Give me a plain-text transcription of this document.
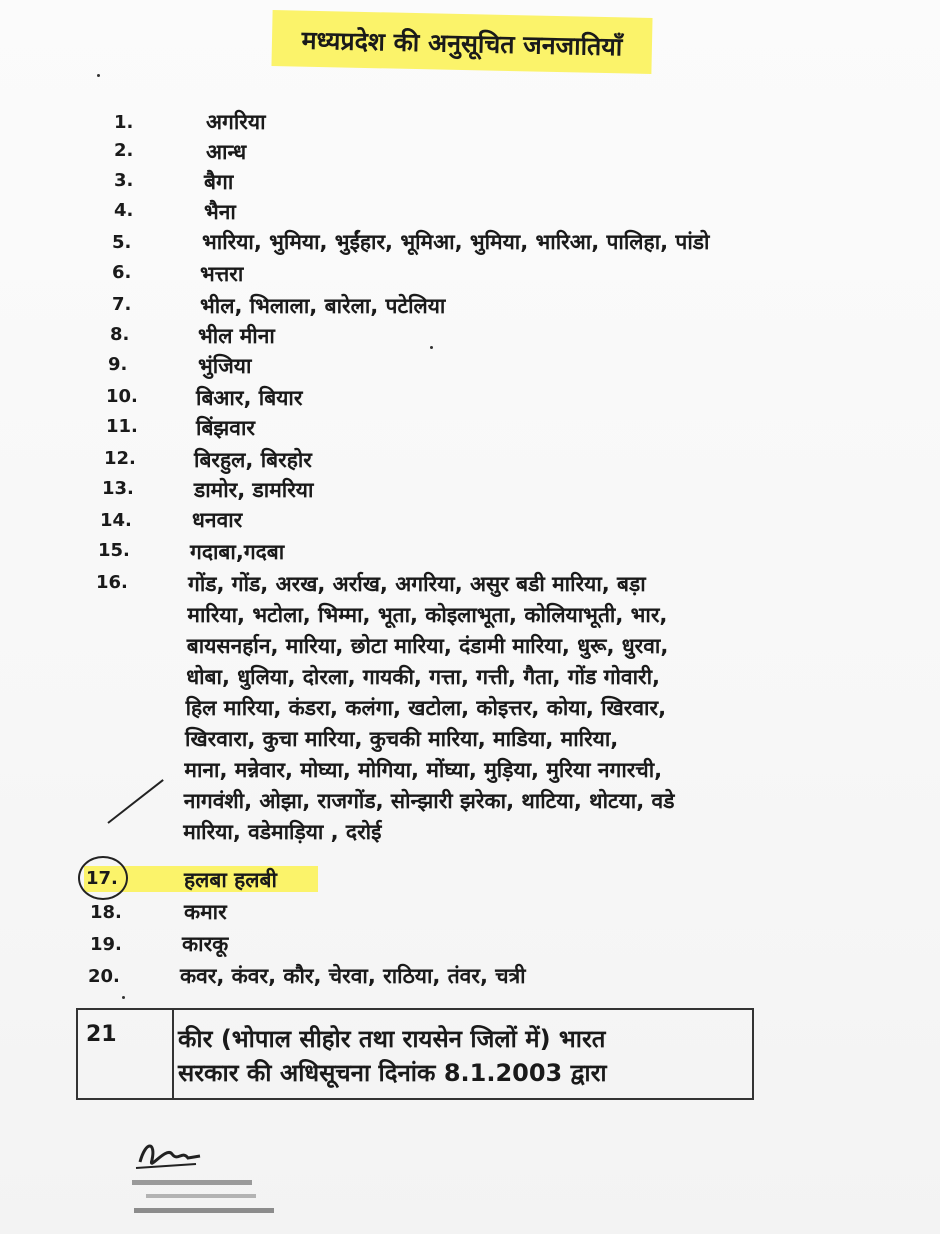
मध्यप्रदेश की अनुसूचित जनजातियाँ
1.	अगरिया
2.	आन्ध
3.	बैगा
4.	भैना
5.	भारिया, भुमिया, भुईंहार, भूमिआ, भुमिया, भारिआ, पालिहा, पांडो
6.	भत्तरा
7.	भील, भिलाला, बारेला, पटेलिया
8.	भील मीना
9.	भुंजिया
10.	बिआर, बियार
11.	बिंझवार
12.	बिरहुल, बिरहोर
13.	डामोर, डामरिया
14.	धनवार
15.	गदाबा,गदबा
16.	गोंड, गोंड, अरख, अर्राख, अगरिया, असुर बडी मारिया, बड़ा
मारिया, भटोला, भिम्मा, भूता, कोइलाभूता, कोलियाभूती, भार,
बायसनर्हान, मारिया, छोटा मारिया, दंडामी मारिया, धुरू, धुरवा,
धोबा, धुलिया, दोरला, गायकी, गत्ता, गत्ती, गैता, गोंड गोवारी,
हिल मारिया, कंडरा, कलंगा, खटोला, कोइत्तर, कोया, खिरवार,
खिरवारा, कुचा मारिया, कुचकी मारिया, माडिया, मारिया,
माना, मन्नेवार, मोघ्या, मोगिया, मोंघ्या, मुड़िया, मुरिया नगारची,
नागवंशी, ओझा, राजगोंड, सोन्झारी झरेका, थाटिया, थोटया, वडे
मारिया, वडेमाड़िया , दरोई
17.	हलबा हलबी
18.	कमार
19.	कारकू
20.	कवर, कंवर, कौर, चेरवा, राठिया, तंवर, चत्री
21	कीर (भोपाल सीहोर तथा रायसेन जिलों में) भारत
सरकार की अधिसूचना दिनांक 8.1.2003 द्वारा
